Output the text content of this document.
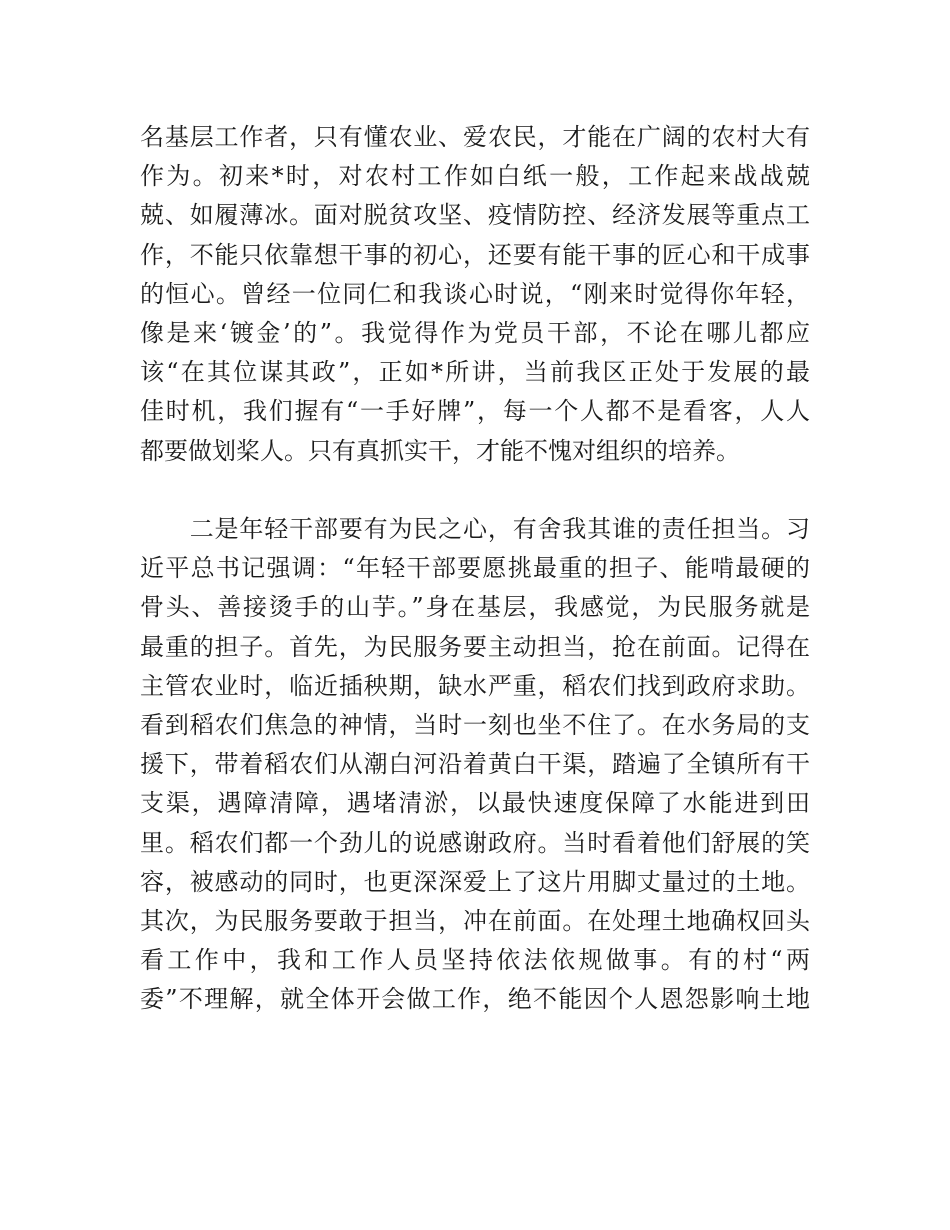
名基层工作者，只有懂农业、爱农民，才能在广阔的农村大有
作为。初来*时，对农村工作如白纸一般，工作起来战战兢
兢、如履薄冰。面对脱贫攻坚、疫情防控、经济发展等重点工
作，不能只依靠想干事的初心，还要有能干事的匠心和干成事
的恒心。曾经一位同仁和我谈心时说，“刚来时觉得你年轻，
像是来‘镀金’的”。我觉得作为党员干部，不论在哪儿都应
该“在其位谋其政”，正如*所讲，当前我区正处于发展的最
佳时机，我们握有“一手好牌”，每一个人都不是看客，人人
都要做划桨人。只有真抓实干，才能不愧对组织的培养。
　　二是年轻干部要有为民之心，有舍我其谁的责任担当。习
近平总书记强调：“年轻干部要愿挑最重的担子、能啃最硬的
骨头、善接烫手的山芋。”身在基层，我感觉，为民服务就是
最重的担子。首先，为民服务要主动担当，抢在前面。记得在
主管农业时，临近插秧期，缺水严重，稻农们找到政府求助。
看到稻农们焦急的神情，当时一刻也坐不住了。在水务局的支
援下，带着稻农们从潮白河沿着黄白干渠，踏遍了全镇所有干
支渠，遇障清障，遇堵清淤，以最快速度保障了水能进到田
里。稻农们都一个劲儿的说感谢政府。当时看着他们舒展的笑
容，被感动的同时，也更深深爱上了这片用脚丈量过的土地。
其次，为民服务要敢于担当，冲在前面。在处理土地确权回头
看工作中，我和工作人员坚持依法依规做事。有的村“两
委”不理解，就全体开会做工作，绝不能因个人恩怨影响土地
